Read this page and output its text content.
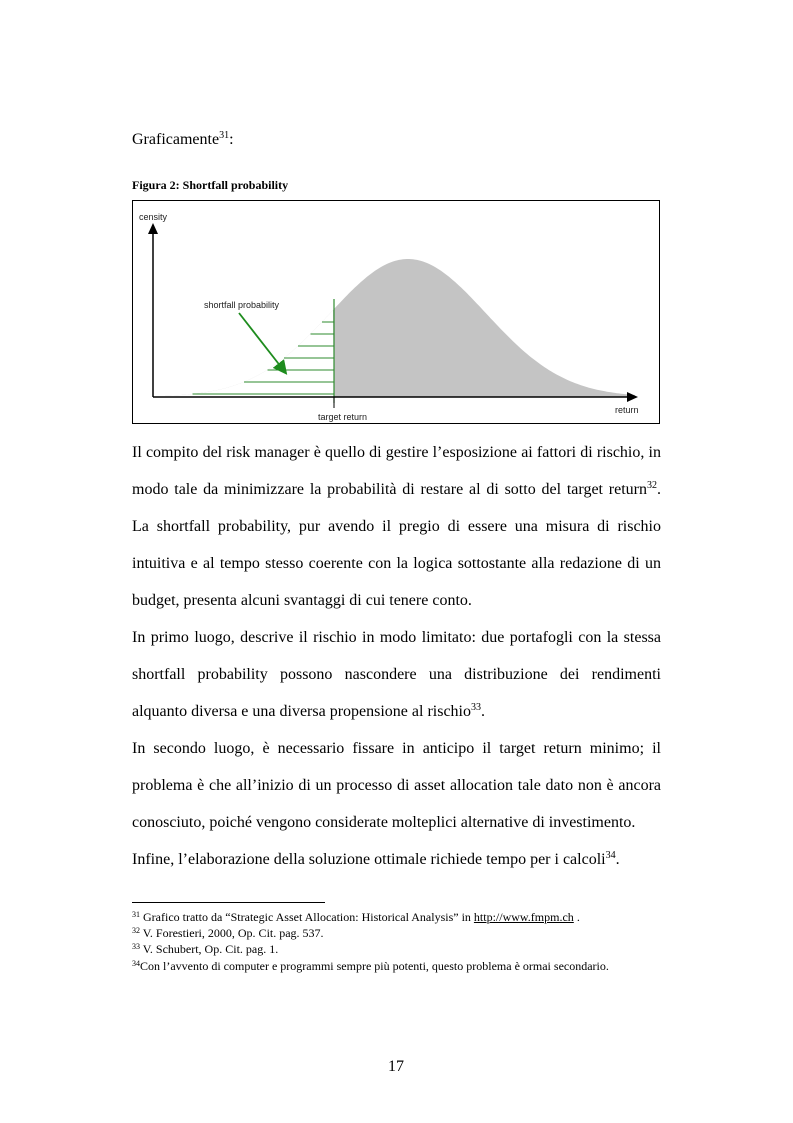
Graficamente$^{31}$:
Figura 2: Shortfall probability
censity
return
target return
shortfall probability
Il compito del risk manager è quello di gestire l’esposizione ai fattori di rischio, in
modo tale da minimizzare la probabilità di restare al di sotto del target return$^{32}$.
La shortfall probability, pur avendo il pregio di essere una misura di rischio
intuitiva e al tempo stesso coerente con la logica sottostante alla redazione di un
budget, presenta alcuni svantaggi di cui tenere conto.
In primo luogo, descrive il rischio in modo limitato: due portafogli con la stessa
shortfall probability possono nascondere una distribuzione dei rendimenti
alquanto diversa e una diversa propensione al rischio$^{33}$.
In secondo luogo, è necessario fissare in anticipo il target return minimo; il
problema è che all’inizio di un processo di asset allocation tale dato non è ancora
conosciuto, poiché vengono considerate molteplici alternative di investimento.
Infine, l’elaborazione della soluzione ottimale richiede tempo per i calcoli$^{34}$.
$^{31}$ Grafico tratto da “Strategic Asset Allocation: Historical Analysis” in http://www.fmpm.ch .
$^{32}$ V. Forestieri, 2000, Op. Cit. pag. 537.
$^{33}$ V. Schubert, Op. Cit. pag. 1.
$^{34}$Con l’avvento di computer e programmi sempre più potenti, questo problema è ormai secondario.
17
